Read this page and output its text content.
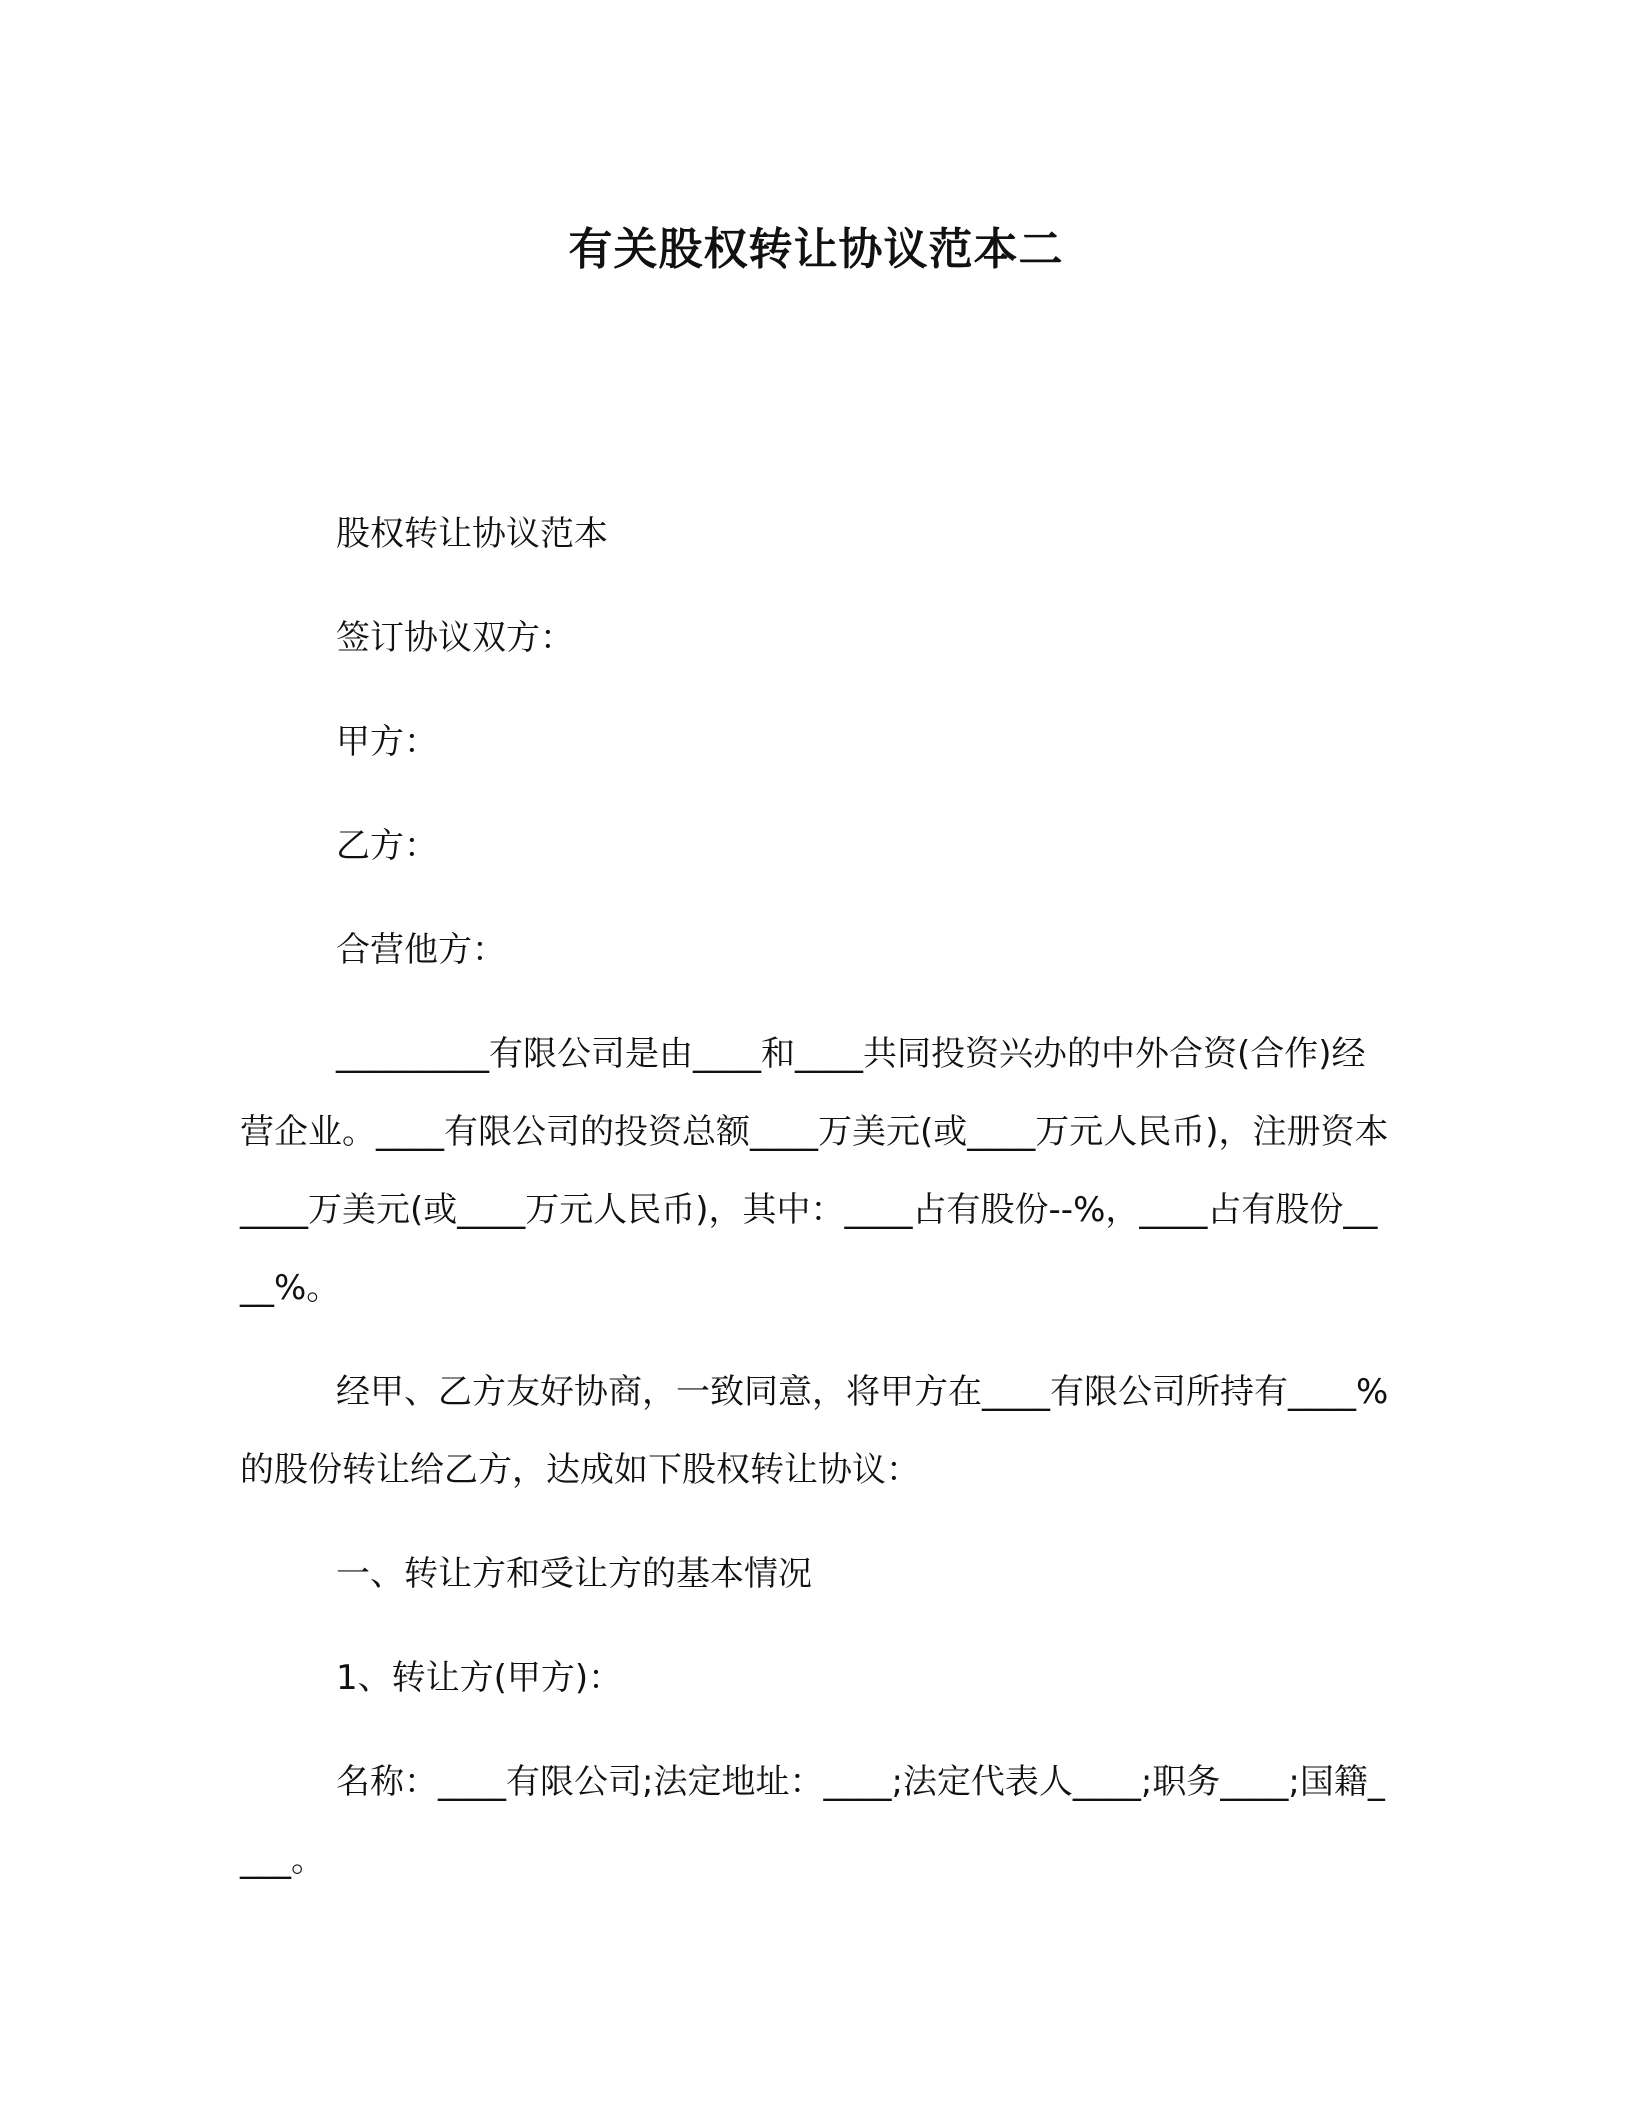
有关股权转让协议范本二

股权转让协议范本

签订协议双方：

甲方：

乙方：

合营他方：

_________有限公司是由____和____共同投资兴办的中外合资(合作)经营企业。____有限公司的投资总额____万美元(或____万元人民币)，注册资本____万美元(或____万元人民币)，其中：____占有股份--%，____占有股份____%。

经甲、乙方友好协商，一致同意，将甲方在____有限公司所持有____%的股份转让给乙方，达成如下股权转让协议：

一、转让方和受让方的基本情况

1、转让方(甲方)：

名称：____有限公司;法定地址：____;法定代表人____;职务____;国籍____。
